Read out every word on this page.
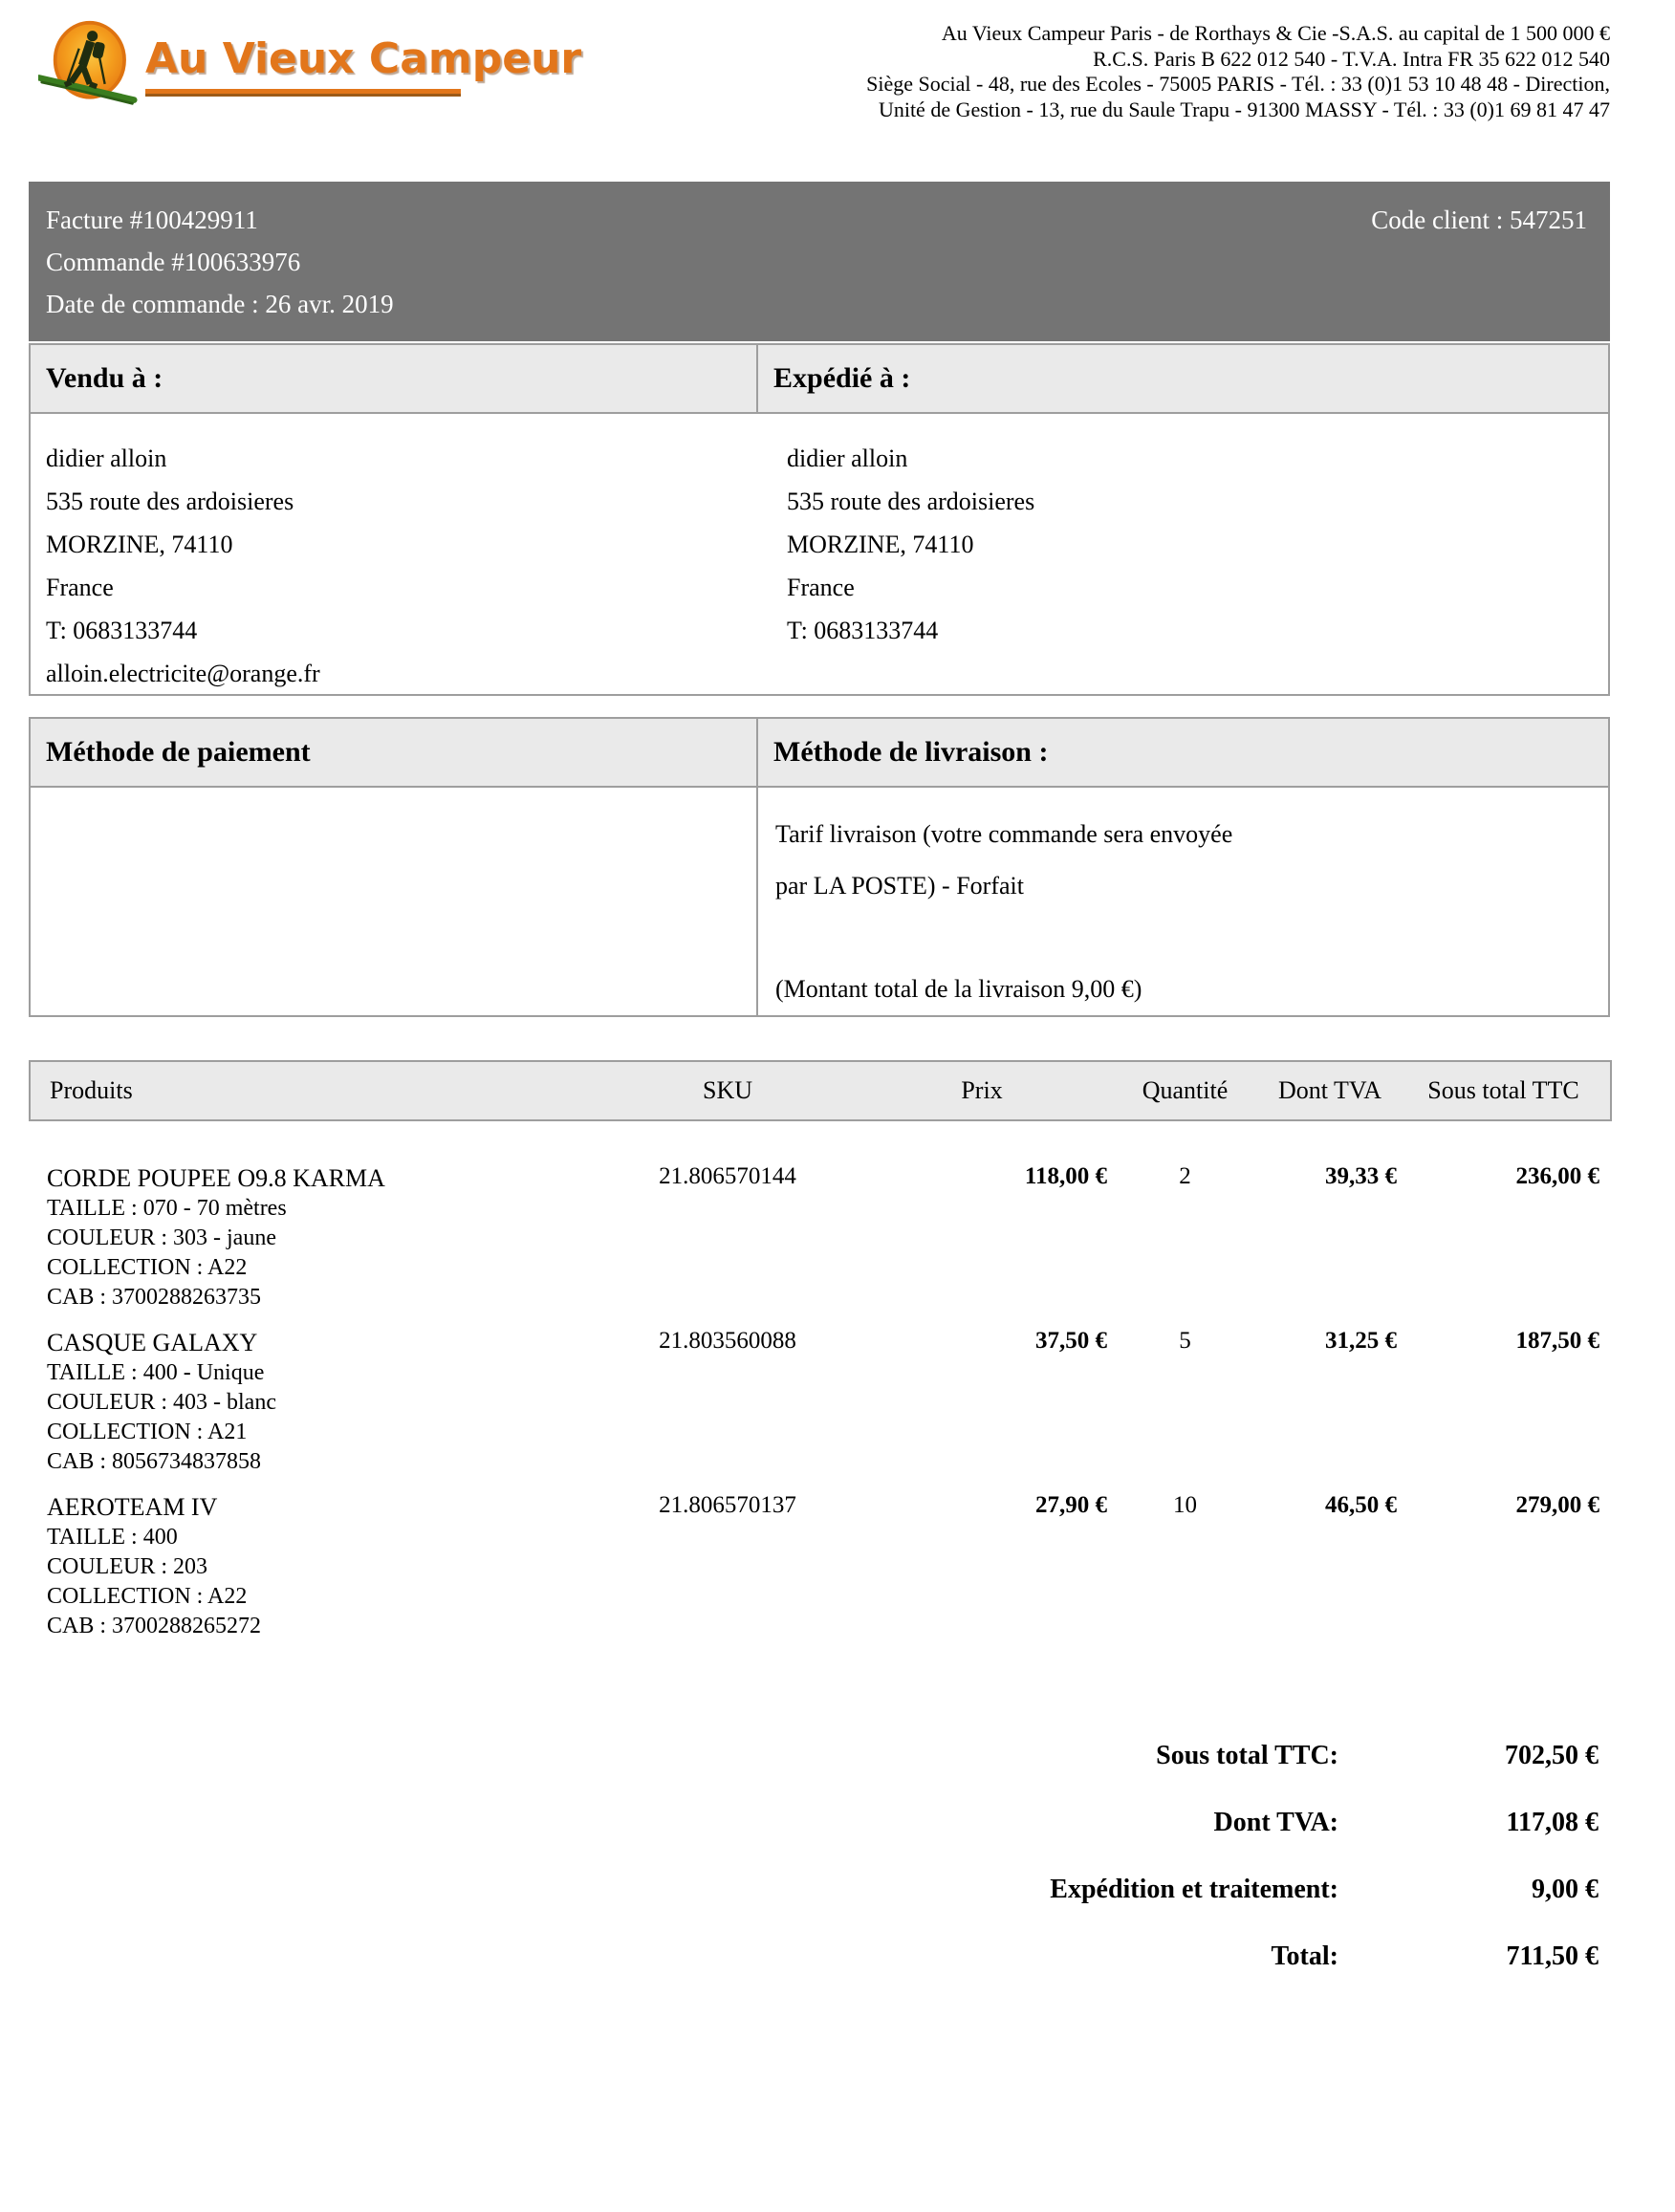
Au Vieux Campeur
Au Vieux Campeur Paris - de Rorthays & Cie -S.A.S. au capital de 1 500 000 €
R.C.S. Paris B 622 012 540 - T.V.A. Intra FR 35 622 012 540
Siège Social - 48, rue des Ecoles - 75005 PARIS - Tél. : 33 (0)1 53 10 48 48 - Direction,
Unité de Gestion - 13, rue du Saule Trapu - 91300 MASSY - Tél. : 33 (0)1 69 81 47 47
Facture #100429911
Commande #100633976
Date de commande : 26 avr. 2019
Code client : 547251
Vendu à :	Expédié à :
didier alloin
535 route des ardoisieres
MORZINE, 74110
France
T: 0683133744
alloin.electricite@orange.fr
didier alloin
535 route des ardoisieres
MORZINE, 74110
France
T: 0683133744
Méthode de paiement	Méthode de livraison :
Tarif livraison (votre commande sera envoyée
par LA POSTE) - Forfait
(Montant total de la livraison 9,00 €)
Produits	SKU	Prix	Quantité	Dont TVA	Sous total TTC

CORDE POUPEE O9.8 KARMA
TAILLE : 070 - 70 mètres
COULEUR : 303 - jaune
COLLECTION : A22
CAB : 3700288263735	21.806570144	118,00 €	2	39,33 €	236,00 €

CASQUE GALAXY
TAILLE : 400 - Unique
COULEUR : 403 - blanc
COLLECTION : A21
CAB : 8056734837858	21.803560088	37,50 €	5	31,25 €	187,50 €

AEROTEAM IV
TAILLE : 400
COULEUR : 203
COLLECTION : A22
CAB : 3700288265272	21.806570137	27,90 €	10	46,50 €	279,00 €
Sous total TTC:	702,50 €
Dont TVA:	117,08 €
Expédition et traitement:	9,00 €
Total:	711,50 €
